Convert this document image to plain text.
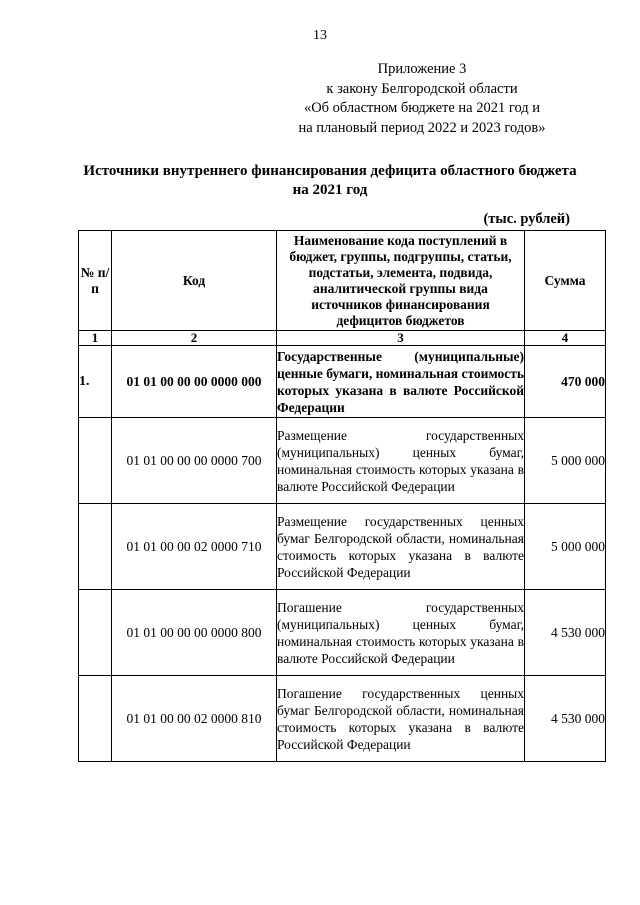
13
Приложение 3
к закону Белгородской области
«Об областном бюджете на 2021 год и
на плановый период 2022 и 2023 годов»
Источники внутреннего финансирования дефицита областного бюджета
на 2021 год
(тыс. рублей)
№ п/п	Код	Наименование кода поступлений в бюджет, группы, подгруппы, статьи, подстатьи, элемента, подвида, аналитической группы вида источников финансирования дефицитов бюджетов	Сумма
1	2	3	4
1.	01 01 00 00 00 0000 000	Государственные (муниципальные) ценные бумаги, номинальная стоимость которых указана в валюте Российской Федерации	470 000
	01 01 00 00 00 0000 700	Размещение государственных (муниципальных) ценных бумаг, номинальная стоимость которых указана в валюте Российской Федерации	5 000 000
	01 01 00 00 02 0000 710	Размещение государственных ценных бумаг Белгородской области, номинальная стоимость которых указана в валюте Российской Федерации	5 000 000
	01 01 00 00 00 0000 800	Погашение государственных (муниципальных) ценных бумаг, номинальная стоимость которых указана в валюте Российской Федерации	4 530 000
	01 01 00 00 02 0000 810	Погашение государственных ценных бумаг Белгородской области, номинальная стоимость которых указана в валюте Российской Федерации	4 530 000
